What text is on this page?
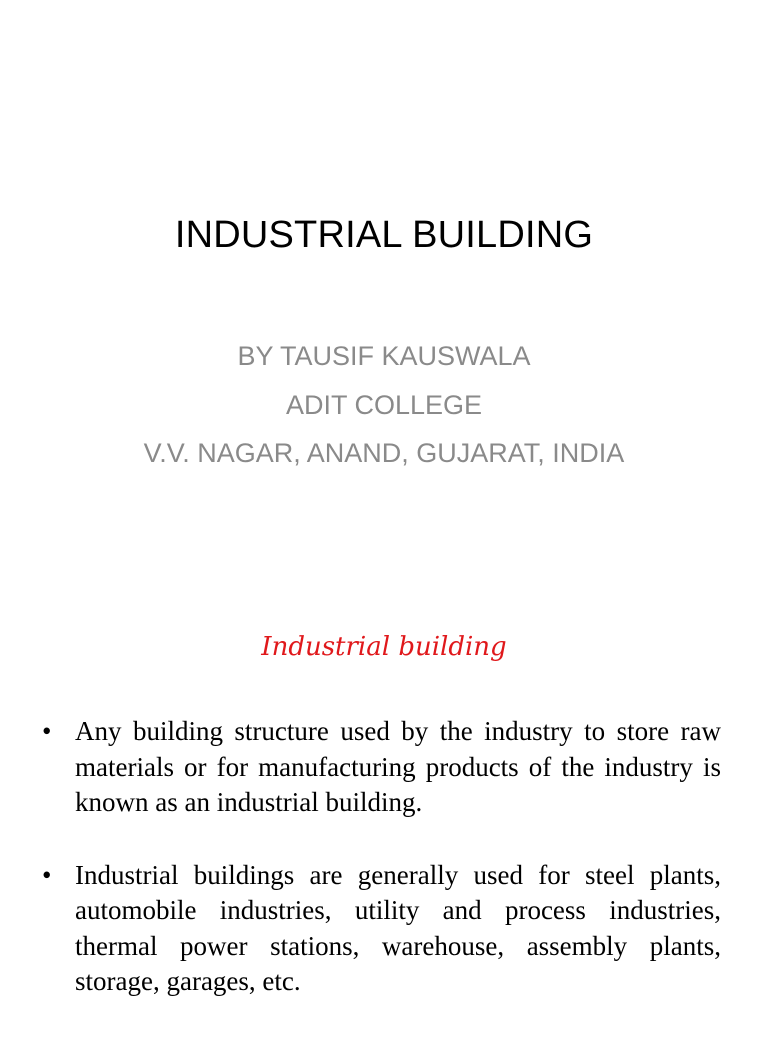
INDUSTRIAL BUILDING
BY TAUSIF KAUSWALA
ADIT COLLEGE
V.V. NAGAR, ANAND, GUJARAT, INDIA
Industrial building
• Any building structure used by the industry to store raw materials or for manufacturing products of the industry is known as an industrial building.
• Industrial buildings are generally used for steel plants, automobile industries, utility and process industries, thermal power stations, warehouse, assembly plants, storage, garages, etc.
